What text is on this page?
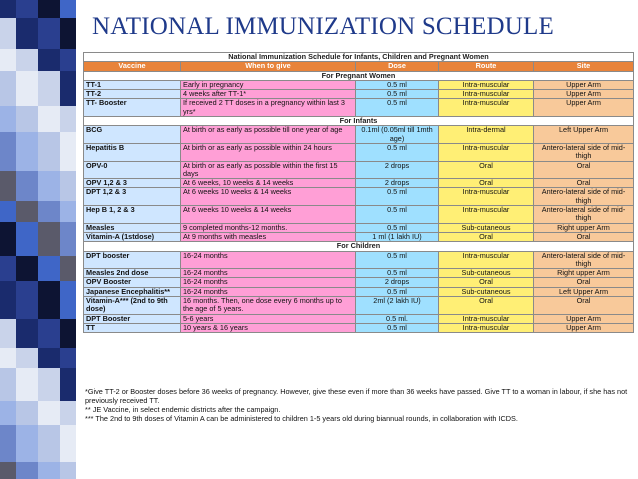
NATIONAL IMMUNIZATION SCHEDULE
National Immunization Schedule for Infants, Children and Pregnant Women				
Vaccine	When to give	Dose	Route	Site
For Pregnant Women				
TT-1	Early in pregnancy	0.5 ml	Intra-muscular	Upper Arm
TT-2	4 weeks after TT-1*	0.5 ml	Intra-muscular	Upper Arm
TT- Booster	If received 2 TT doses in a pregnancy within last 3 yrs*	0.5 ml	Intra-muscular	Upper Arm
For Infants				
BCG	At birth or as early as possible till one year of age	0.1ml (0.05ml till 1mth age)	Intra-dermal	Left Upper Arm
Hepatitis B	At birth or as early as possible within 24 hours	0.5 ml	Intra-muscular	Antero-lateral side of mid-thigh
OPV-0	At birth or as early as possible within the first 15 days	2 drops	Oral	Oral
OPV 1,2 & 3	At 6 weeks, 10 weeks & 14 weeks	2 drops	Oral	Oral
DPT 1,2 & 3	At 6 weeks 10 weeks & 14 weeks	0.5 ml	Intra-muscular	Antero-lateral side of mid-thigh
Hep B 1, 2 & 3	At 6 weeks 10 weeks & 14 weeks	0.5 ml	Intra-muscular	Antero-lateral side of mid-thigh
Measles	9 completed months-12 months.	0.5 ml	Sub-cutaneous	Right upper Arm
Vitamin-A (1stdose)	At 9 months with measles	1 ml (1 lakh IU)	Oral	Oral
For Children				
DPT booster	16-24 months	0.5 ml	Intra-muscular	Antero-lateral side of mid-thigh
Measles 2nd dose	16-24 months	0.5 ml	Sub-cutaneous	Right upper Arm
OPV Booster	16-24 months	2 drops	Oral	Oral
Japanese Encephalitis**	16-24 months	0.5 ml	Sub-cutaneous	Left Upper Arm
Vitamin-A*** (2nd to 9th dose)	16 months. Then, one dose every 6 months up to the age of 5 years.	2ml (2 lakh IU)	Oral	Oral
DPT Booster	5-6 years	0.5 ml.	Intra-muscular	Upper Arm
TT	10 years & 16 years	0.5 ml	Intra-muscular	Upper Arm

*Give TT-2 or Booster doses before 36 weeks of pregnancy. However, give these even if more than 36 weeks have passed. Give TT to a woman in labour, if she has not previously received TT.

** JE Vaccine, in select endemic districts after the campaign.

*** The 2nd to 9th doses of Vitamin A can be administered to children 1-5 years old during biannual rounds, in collaboration with ICDS.
